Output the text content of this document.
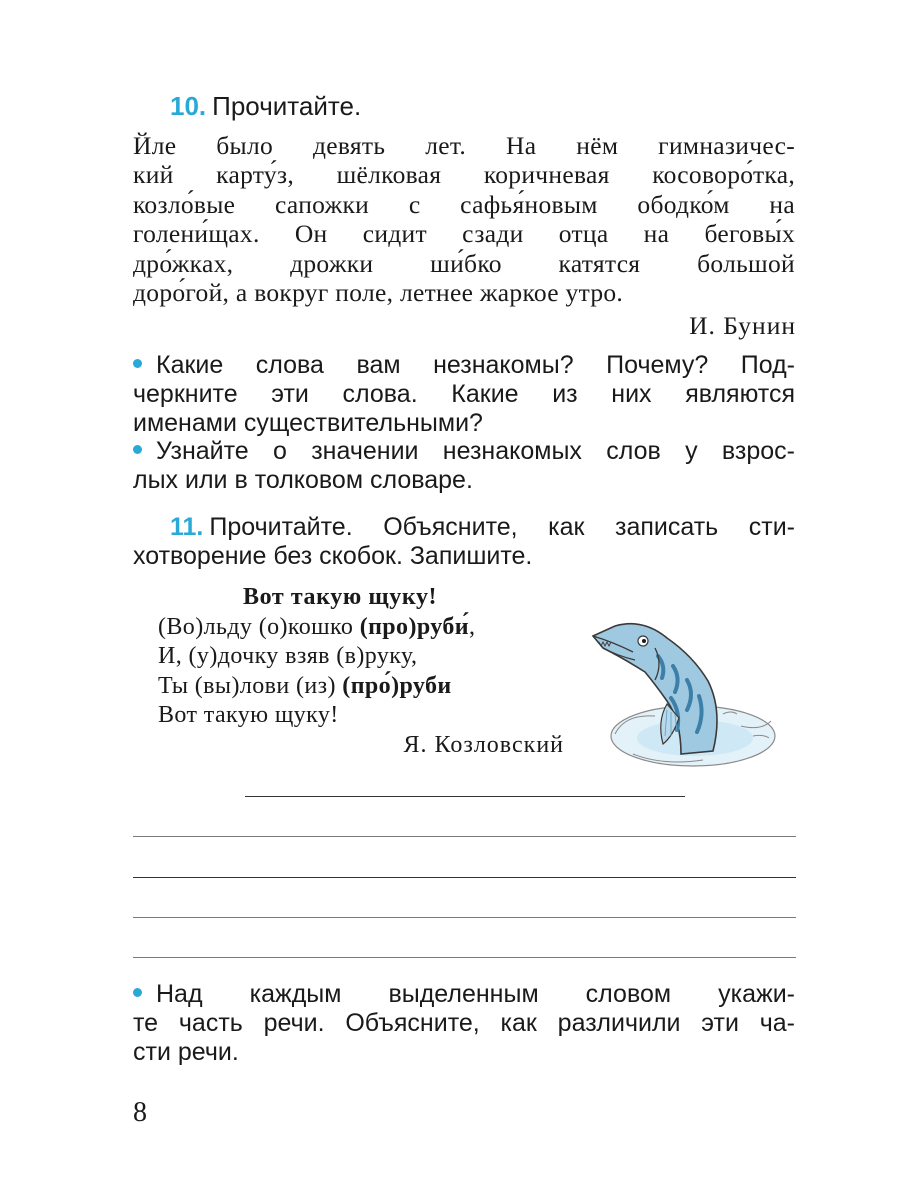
10. Прочитайте.
Йле было девять лет. На нём гимназичес-
кий карту́з, шёлковая коричневая косоворо́тка,
козло́вые сапожки с сафья́новым ободко́м на
голени́щах. Он сидит сзади отца на беговы́х
дро́жках, дрожки ши́бко катятся большой
доро́гой, а вокруг поле, летнее жаркое утро.
И. Бунин
Какие слова вам незнакомы? Почему? Под-
черкните эти слова. Какие из них являются
именами существительными?
Узнайте о значении незнакомых слов у взрос-
лых или в толковом словаре.
11. Прочитайте. Объясните, как записать сти-
хотворение без скобок. Запишите.
Вот такую щуку!
(Во)льду (о)кошко (про)руби́,
И, (у)дочку взяв (в)руку,
Ты (вы)лови (из) (про́)руби
Вот такую щуку!
Я. Козловский
Над каждым выделенным словом укажи-
те часть речи. Объясните, как различили эти ча-
сти речи.
8
